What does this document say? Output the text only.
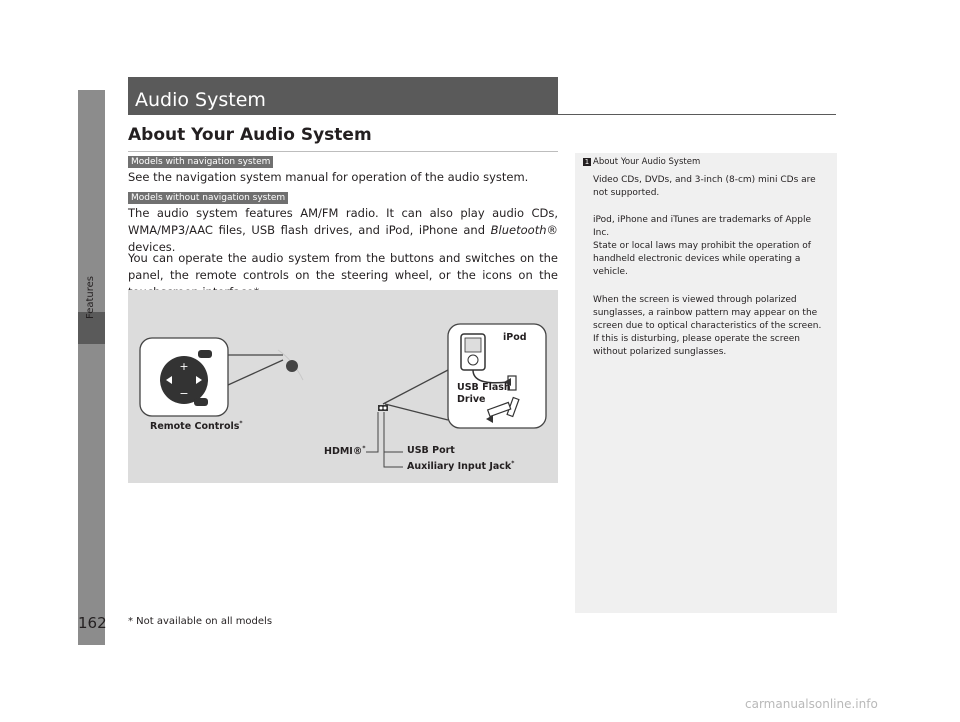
Features
Audio System
About Your Audio System
Models with navigation system
See the navigation system manual for operation of the audio system.
Models without navigation system
The audio system features AM/FM radio. It can also play audio CDs, WMA/MP3/AAC files, USB flash drives, and iPod, iPhone and Bluetooth® devices.
You can operate the audio system from the buttons and switches on the panel, the remote controls on the steering wheel, or the icons on the
+
−
Remote Controls*
iPod
USB Flash
Drive
HDMI®*	USB Port
Auxiliary Input Jack*
1 About Your Audio System
Video CDs, DVDs, and 3-inch (8-cm) mini CDs are not supported.
iPod, iPhone and iTunes are trademarks of Apple Inc.
State or local laws may prohibit the operation of handheld electronic devices while operating a vehicle.
When the screen is viewed through polarized sunglasses, a rainbow pattern may appear on the screen due to optical characteristics of the screen. If this is disturbing, please operate the screen without polarized sunglasses.
162 * Not available on all models
carmanualsonline.info
